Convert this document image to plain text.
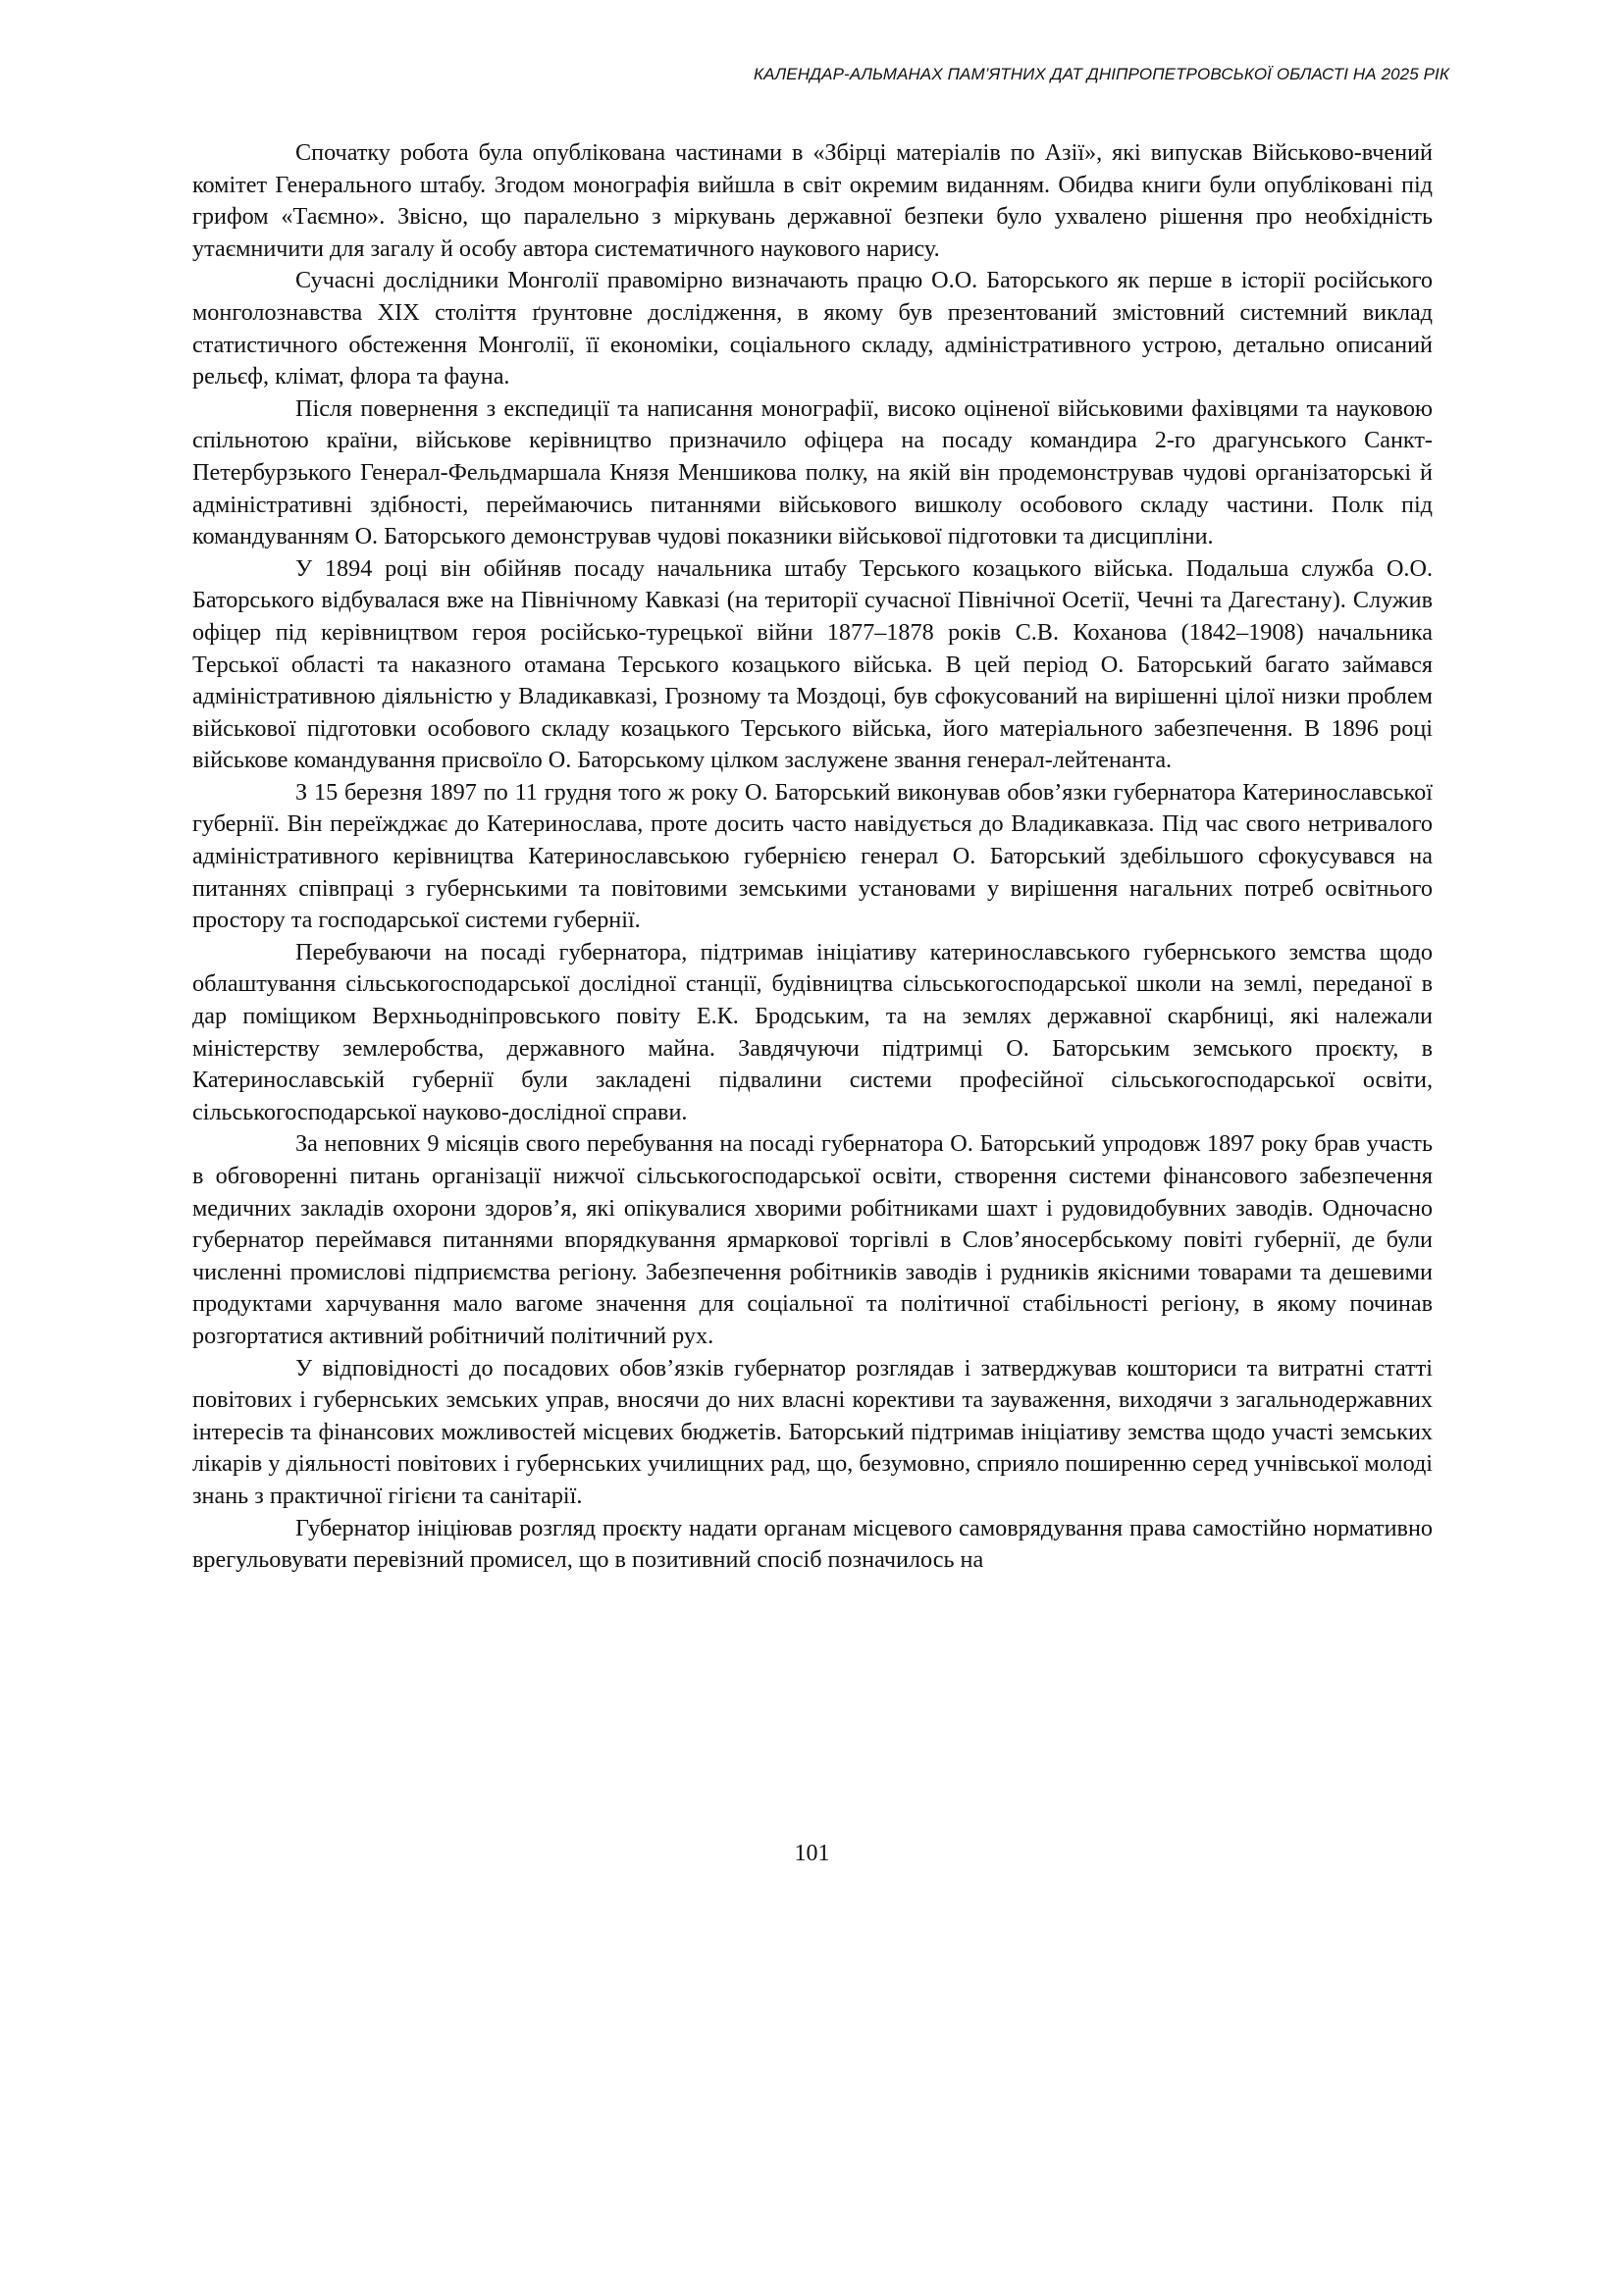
КАЛЕНДАР-АЛЬМАНАХ ПАМ’ЯТНИХ ДАТ ДНІПРОПЕТРОВСЬКОЇ ОБЛАСТІ НА 2025 РІК

Спочатку робота була опублікована частинами в «Збірці матеріалів по Азії», які випускав Військово-вчений комітет Генерального штабу. Згодом монографія вийшла в світ окремим виданням. Обидва книги були опубліковані під грифом «Таємно». Звісно, що паралельно з міркувань державної безпеки було ухвалено рішення про необхідність утаємничити для загалу й особу автора систематичного наукового нарису.

Сучасні дослідники Монголії правомірно визначають працю О.О. Баторського як перше в історії російського монголознавства XIX століття ґрунтовне дослідження, в якому був презентований змістовний системний виклад статистичного обстеження Монголії, її економіки, соціального складу, адміністративного устрою, детально описаний рельєф, клімат, флора та фауна.

Після повернення з експедиції та написання монографії, високо оціненої військовими фахівцями та науковою спільнотою країни, військове керівництво призначило офіцера на посаду командира 2-го драгунського Санкт-Петербурзького Генерал-Фельдмаршала Князя Меншикова полку, на якій він продемонстрував чудові організаторські й адміністративні здібності, переймаючись питаннями військового вишколу особового складу частини. Полк під командуванням О. Баторського демонстрував чудові показники військової підготовки та дисципліни.

У 1894 році він обійняв посаду начальника штабу Терського козацького війська. Подальша служба О.О. Баторського відбувалася вже на Північному Кавказі (на території сучасної Північної Осетії, Чечні та Дагестану). Служив офіцер під керівництвом героя російсько-турецької війни 1877–1878 років С.В. Коханова (1842–1908) начальника Терської області та наказного отамана Терського козацького війська. В цей період О. Баторський багато займався адміністративною діяльністю у Владикавказі, Грозному та Моздоці, був сфокусований на вирішенні цілої низки проблем військової підготовки особового складу козацького Терського війська, його матеріального забезпечення. В 1896 році військове командування присвоїло О. Баторському цілком заслужене звання генерал-лейтенанта.

З 15 березня 1897 по 11 грудня того ж року О. Баторський виконував обов’язки губернатора Катеринославської губернії. Він переїжджає до Катеринослава, проте досить часто навідується до Владикавказа. Під час свого нетривалого адміністративного керівництва Катеринославською губернією генерал О. Баторський здебільшого сфокусувався на питаннях співпраці з губернськими та повітовими земськими установами у вирішення нагальних потреб освітнього простору та господарської системи губернії.

Перебуваючи на посаді губернатора, підтримав ініціативу катеринославського губернського земства щодо облаштування сільськогосподарської дослідної станції, будівництва сільськогосподарської школи на землі, переданої в дар поміщиком Верхньодніпровського повіту Е.К. Бродським, та на землях державної скарбниці, які належали міністерству землеробства, державного майна. Завдячуючи підтримці О. Баторським земського проєкту, в Катеринославській губернії були закладені підвалини системи професійної сільськогосподарської освіти, сільськогосподарської науково-дослідної справи.

За неповних 9 місяців свого перебування на посаді губернатора О. Баторський упродовж 1897 року брав участь в обговоренні питань організації нижчої сільськогосподарської освіти, створення системи фінансового забезпечення медичних закладів охорони здоров’я, які опікувалися хворими робітниками шахт і рудовидобувних заводів. Одночасно губернатор переймався питаннями впорядкування ярмаркової торгівлі в Слов’яносербському повіті губернії, де були численні промислові підприємства регіону. Забезпечення робітників заводів і рудників якісними товарами та дешевими продуктами харчування мало вагоме значення для соціальної та політичної стабільності регіону, в якому починав розгортатися активний робітничий політичний рух.

У відповідності до посадових обов’язків губернатор розглядав і затверджував кошториси та витратні статті повітових і губернських земських управ, вносячи до них власні корективи та зауваження, виходячи з загальнодержавних інтересів та фінансових можливостей місцевих бюджетів. Баторський підтримав ініціативу земства щодо участі земських лікарів у діяльності повітових і губернських училищних рад, що, безумовно, сприяло поширенню серед учнівської молоді знань з практичної гігієни та санітарії.

Губернатор ініціював розгляд проєкту надати органам місцевого самоврядування права самостійно нормативно врегульовувати перевізний промисел, що в позитивний спосіб позначилось на

101
